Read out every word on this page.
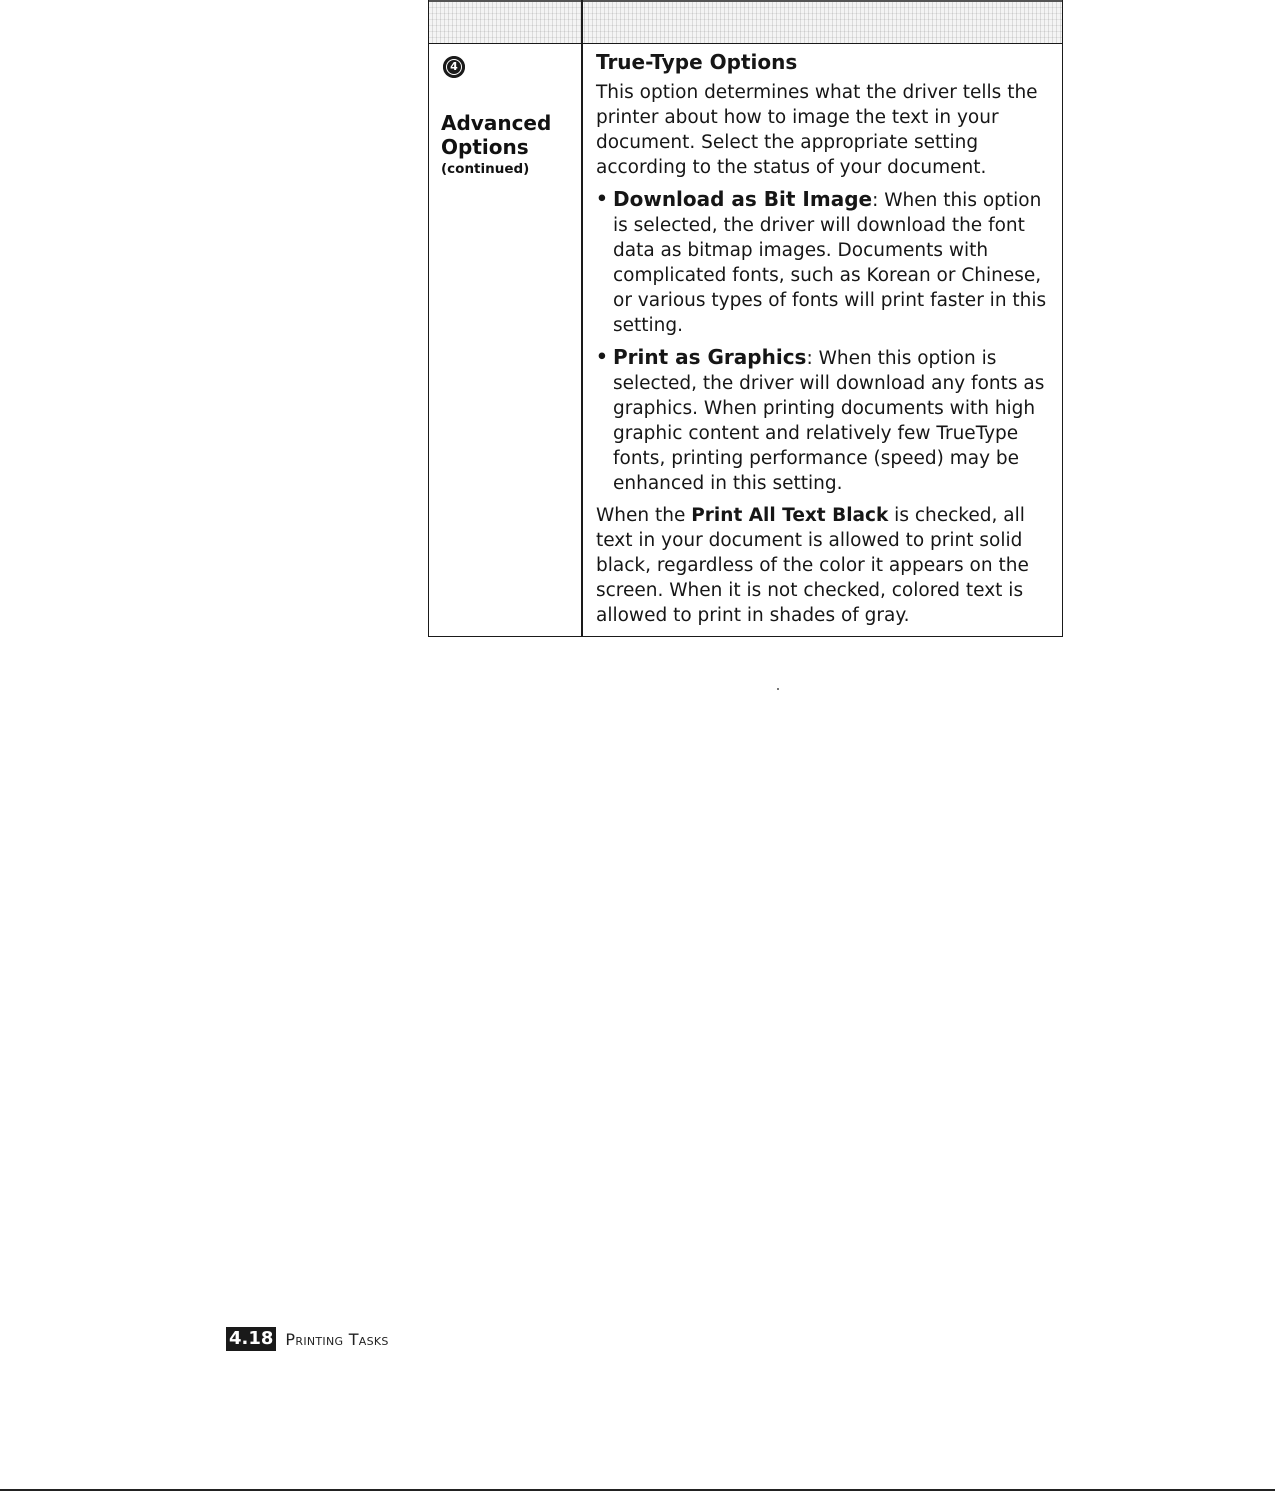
4
Advanced Options
(continued)
True-Type Options

This option determines what the driver tells the printer about how to image the text in your document. Select the appropriate setting according to the status of your document.

• Download as Bit Image: When this option is selected, the driver will download the font data as bitmap images. Documents with complicated fonts, such as Korean or Chinese, or various types of fonts will print faster in this setting.
• Print as Graphics: When this option is selected, the driver will download any fonts as graphics. When printing documents with high graphic content and relatively few TrueType fonts, printing performance (speed) may be enhanced in this setting.

When the Print All Text Black is checked, all text in your document is allowed to print solid black, regardless of the color it appears on the screen. When it is not checked, colored text is allowed to print in shades of gray.

4.18 Printing Tasks
